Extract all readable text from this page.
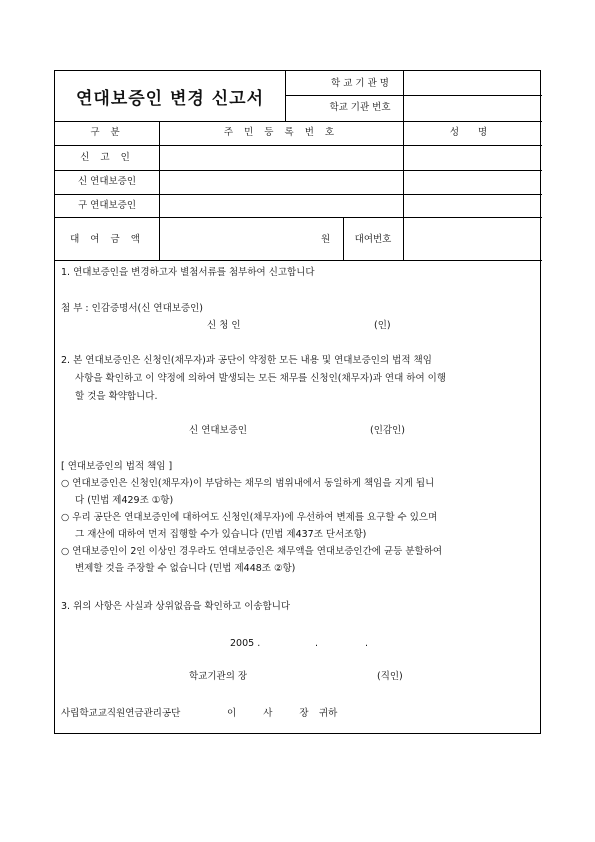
연대보증인 변경 신고서
학 교 기 관 명
학교 기관 번호
구 분	주 민 등 록 번 호	성 명
신 고 인
신 연대보증인
구 연대보증인
대 여 금 액	원	대여번호
1. 연대보증인을 변경하고자 별첨서류를 첨부하여 신고합니다
첨 부 : 인감증명서(신 연대보증인)
신 청 인	(인)
2. 본 연대보증인은 신청인(채무자)과 공단이 약정한 모든 내용 및 연대보증인의 법적 책임
사항을 확인하고 이 약정에 의하여 발생되는 모든 채무를 신청인(채무자)과 연대 하여 이행
할 것을 확약합니다.
신 연대보증인	(인감인)
[ 연대보증인의 법적 책임 ]
○ 연대보증인은 신청인(채무자)이 부담하는 채무의 범위내에서 동일하게 책임을 지게 됩니
다 (민법 제429조 ①항)
○ 우리 공단은 연대보증인에 대하여도 신청인(채무자)에 우선하여 변제를 요구할 수 있으며
그 재산에 대하여 먼저 집행할 수가 있습니다 (민법 제437조 단서조항)
○ 연대보증인이 2인 이상인 경우라도 연대보증인은 채무액을 연대보증인간에 균등 분할하여
변제할 것을 주장할 수 없습니다 (민법 제448조 ②항)
3. 위의 사항은 사실과 상위없음을 확인하고 이송합니다
2005 .	.	.
학교기관의 장	(직인)
사립학교교직원연금관리공단	이 사 장
귀하
